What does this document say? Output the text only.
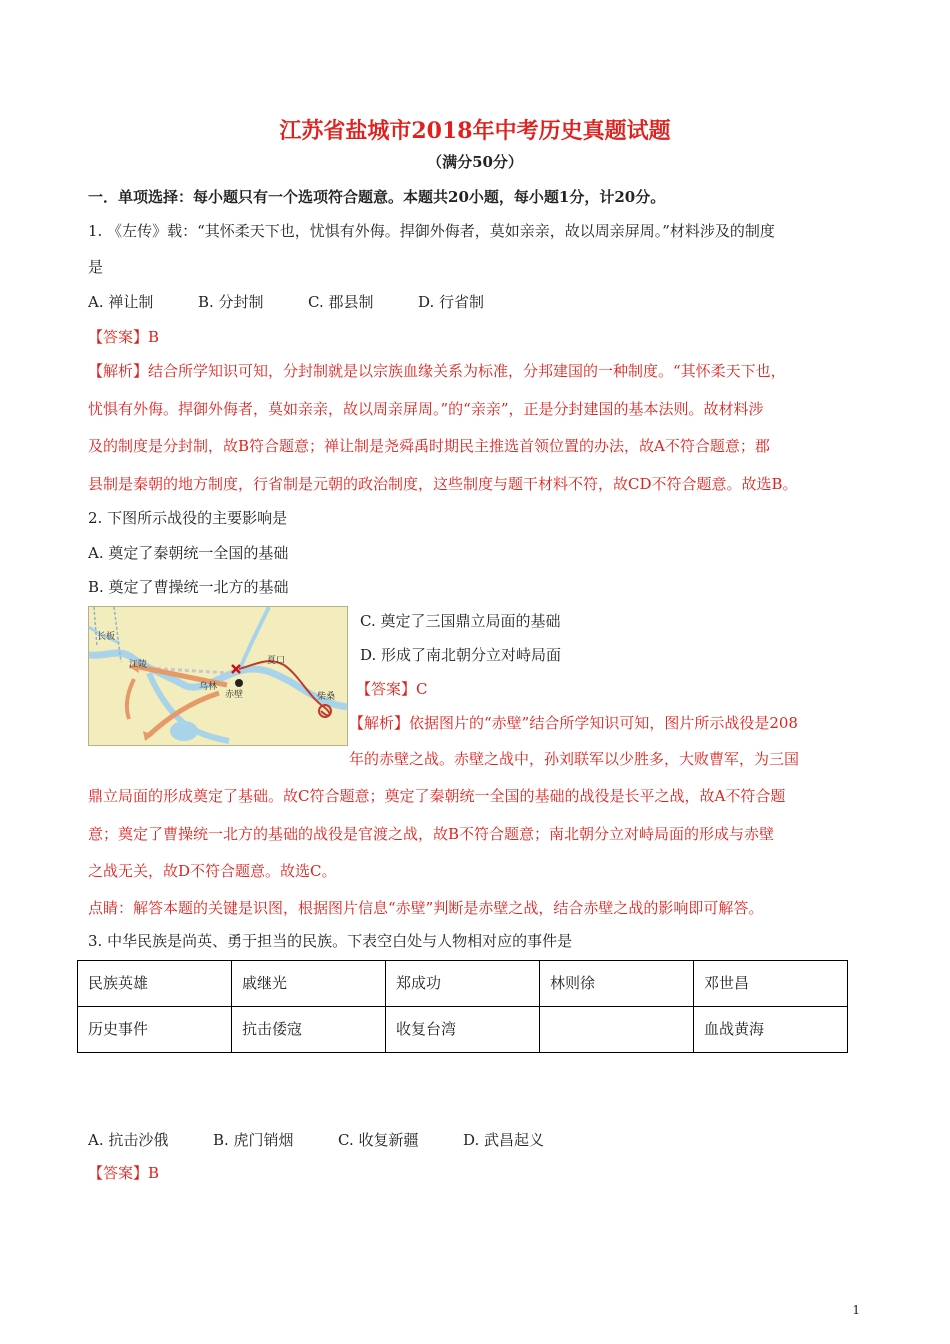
江苏省盐城市2018年中考历史真题试题
（满分50分）
一．单项选择：每小题只有一个选项符合题意。本题共20小题，每小题1分，计20分。
1. 《左传》载：“其怀柔天下也，忧惧有外侮。捍御外侮者，莫如亲亲，故以周亲屏周。”材料涉及的制度
是
A. 禅让制	B. 分封制	C. 郡县制	D. 行省制
【答案】B
【解析】结合所学知识可知，分封制就是以宗族血缘关系为标准，分邦建国的一种制度。“其怀柔天下也，
忧惧有外侮。捍御外侮者，莫如亲亲，故以周亲屏周。”的“亲亲”，正是分封建国的基本法则。故材料涉
及的制度是分封制，故B符合题意；禅让制是尧舜禹时期民主推选首领位置的办法，故A不符合题意；郡
县制是秦朝的地方制度，行省制是元朝的政治制度，这些制度与题干材料不符，故CD不符合题意。故选B。
2. 下图所示战役的主要影响是
A. 奠定了秦朝统一全国的基础
B. 奠定了曹操统一北方的基础
长板
江陵
乌林
赤壁
夏口
柴桑
C. 奠定了三国鼎立局面的基础
D. 形成了南北朝分立对峙局面
【答案】C
【解析】依据图片的“赤壁”结合所学知识可知，图片所示战役是208
年的赤壁之战。赤壁之战中，孙刘联军以少胜多，大败曹军，为三国
鼎立局面的形成奠定了基础。故C符合题意；奠定了秦朝统一全国的基础的战役是长平之战，故A不符合题
意；奠定了曹操统一北方的基础的战役是官渡之战，故B不符合题意；南北朝分立对峙局面的形成与赤壁
之战无关，故D不符合题意。故选C。
点睛：解答本题的关键是识图，根据图片信息“赤壁”判断是赤壁之战，结合赤壁之战的影响即可解答。
3. 中华民族是尚英、勇于担当的民族。下表空白处与人物相对应的事件是
民族英雄	戚继光	郑成功	林则徐	邓世昌
历史事件	抗击倭寇	收复台湾		血战黄海
A. 抗击沙俄	B. 虎门销烟	C. 收复新疆	D. 武昌起义
【答案】B
1
